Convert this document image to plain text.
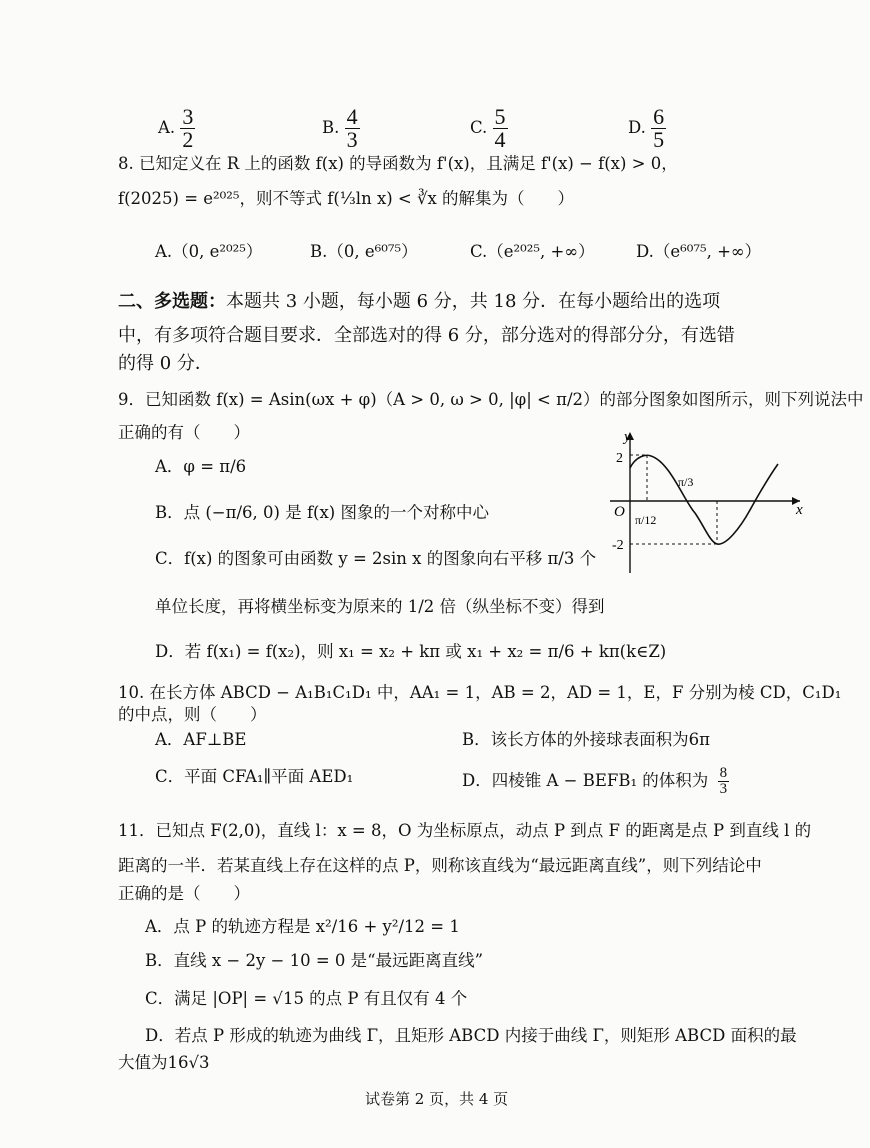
A. $\frac{3}{2}$	B. $\frac{4}{3}$	C. $\frac{5}{4}$	D. $\frac{6}{5}$
8. 已知定义在 R 上的函数 f(x) 的导函数为 f'(x)，且满足 f'(x) − f(x) > 0，
f(2025) = e²⁰²⁵，则不等式 f(⅓ln x) < ∛x 的解集为（　　）
A.（0, e²⁰²⁵）	B.（0, e⁶⁰⁷⁵）	C.（e²⁰²⁵, +∞）	D.（e⁶⁰⁷⁵, +∞）
二、多选题：本题共 3 小题，每小题 6 分，共 18 分．在每小题给出的选项
中，有多项符合题目要求．全部选对的得 6 分，部分选对的得部分分，有选错
的得 0 分．
9．已知函数 f(x) = Asin(ωx + φ)（A > 0, ω > 0, |φ| < π/2）的部分图象如图所示，则下列说法中
正确的有（　　）
A．φ = π/6
B．点 (−π/6, 0) 是 f(x) 图象的一个对称中心
C．f(x) 的图象可由函数 y = 2sin x 的图象向右平移 π/3 个
单位长度，再将横坐标变为原来的 1/2 倍（纵坐标不变）得到
D．若 f(x₁) = f(x₂)，则 x₁ = x₂ + kπ 或 x₁ + x₂ = π/6 + kπ(k∈Z)
y
x
O
2
-2
π/12
π/3
10. 在长方体 ABCD − A₁B₁C₁D₁ 中，AA₁ = 1，AB = 2，AD = 1，E，F 分别为棱 CD，C₁D₁
的中点，则（　　）
A．AF⊥BE	B．该长方体的外接球表面积为6π
C．平面 CFA₁∥平面 AED₁	D．四棱锥 A − BEFB₁ 的体积为 $\frac{8}{3}$
11．已知点 F(2,0)，直线 l：x = 8，O 为坐标原点，动点 P 到点 F 的距离是点 P 到直线 l 的
距离的一半．若某直线上存在这样的点 P，则称该直线为“最远距离直线”，则下列结论中
正确的是（　　）
A．点 P 的轨迹方程是 x²/16 + y²/12 = 1
B．直线 x − 2y − 10 = 0 是“最远距离直线”
C．满足 |OP| = √15 的点 P 有且仅有 4 个
D．若点 P 形成的轨迹为曲线 Γ，且矩形 ABCD 内接于曲线 Γ，则矩形 ABCD 面积的最
大值为16√3
试卷第 2 页，共 4 页
